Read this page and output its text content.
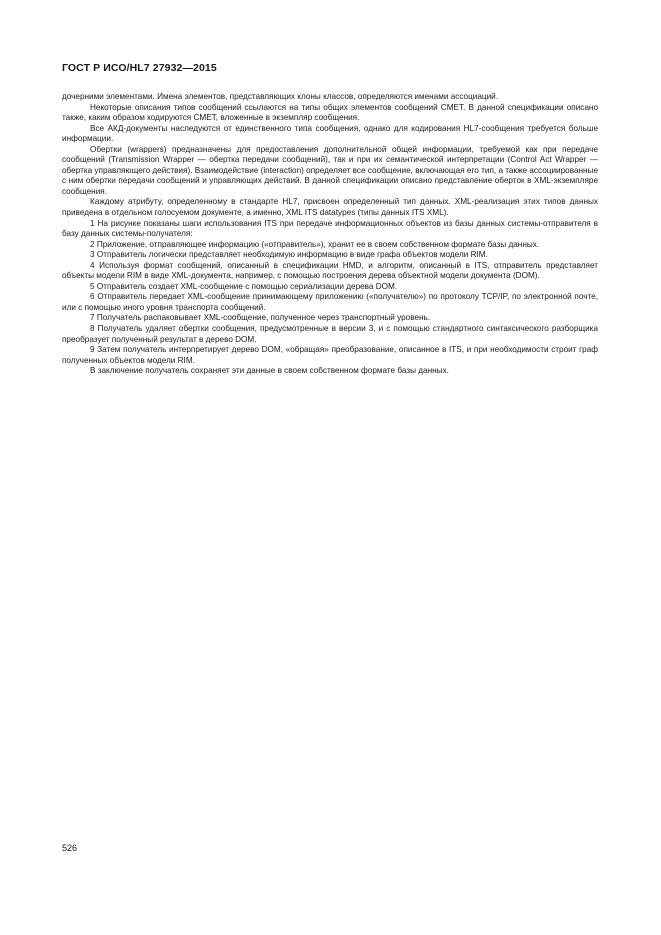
ГОСТ Р ИСО/HL7 27932—2015

дочерними элементами. Имена элементов, представляющих клоны классов, определяются именами ассоциаций.

Некоторые описания типов сообщений ссылаются на типы общих элементов сообщений CMET. В данной спецификации описано также, каким образом кодируются CMET, вложенные в экземпляр сообщения.

Все АКД-документы наследуются от единственного типа сообщения, однако для кодирования HL7-сообщения требуется больше информации.

Обертки (wrappers) предназначены для предоставления дополнительной общей информации, требуемой как при передаче сообщений (Transmission Wrapper — обертка передачи сообщений), так и при их семантической интерпретации (Control Act Wrapper — обертка управляющего действия). Взаимодействие (interaction) определяет все сообщение, включающая его тип, а также ассоциированные с ним обертки передачи сообщений и управляющих действий. В данной спецификации описано представление оберток в XML-экземпляре сообщения.

Каждому атрибуту, определенному в стандарте HL7, присвоен определенный тип данных. XML-реализация этих типов данных приведена в отдельном голосуемом документе, а именно, XML ITS datatypes (типы данных ITS XML).

1 На рисунке показаны шаги использования ITS при передаче информационных объектов из базы данных системы-отправителя в базу данных системы-получателя:

2 Приложение, отправляющее информацию («отправитель»), хранит ее в своем собственном формате базы данных.

3 Отправитель логически представляет необходимую информацию в виде графа объектов модели RIM.

4 Используя формат сообщений, описанный в спецификации HMD, и алгоритм, описанный в ITS, отправитель представляет объекты модели RIM в виде XML-документа, например, с помощью построения дерева объектной модели документа (DOM).

5 Отправитель создает XML-сообщение с помощью сериализации дерева DOM.

6 Отправитель передает XML-сообщение принимающему приложению («получателю») по протоколу TCP/IP, по электронной почте, или с помощью иного уровня транспорта сообщений.

7 Получатель распаковывает XML-сообщение, полученное через транспортный уровень.

8 Получатель удаляет обертки сообщения, предусмотренные в версии 3, и с помощью стандартного синтаксического разборщика преобразует полученный результат в дерево DOM.

9 Затем получатель интерпретирует дерево DOM, «обращая» преобразование, описанное в ITS, и при необходимости строит граф полученных объектов модели RIM.

В заключение получатель сохраняет эти данные в своем собственном формате базы данных.

526
